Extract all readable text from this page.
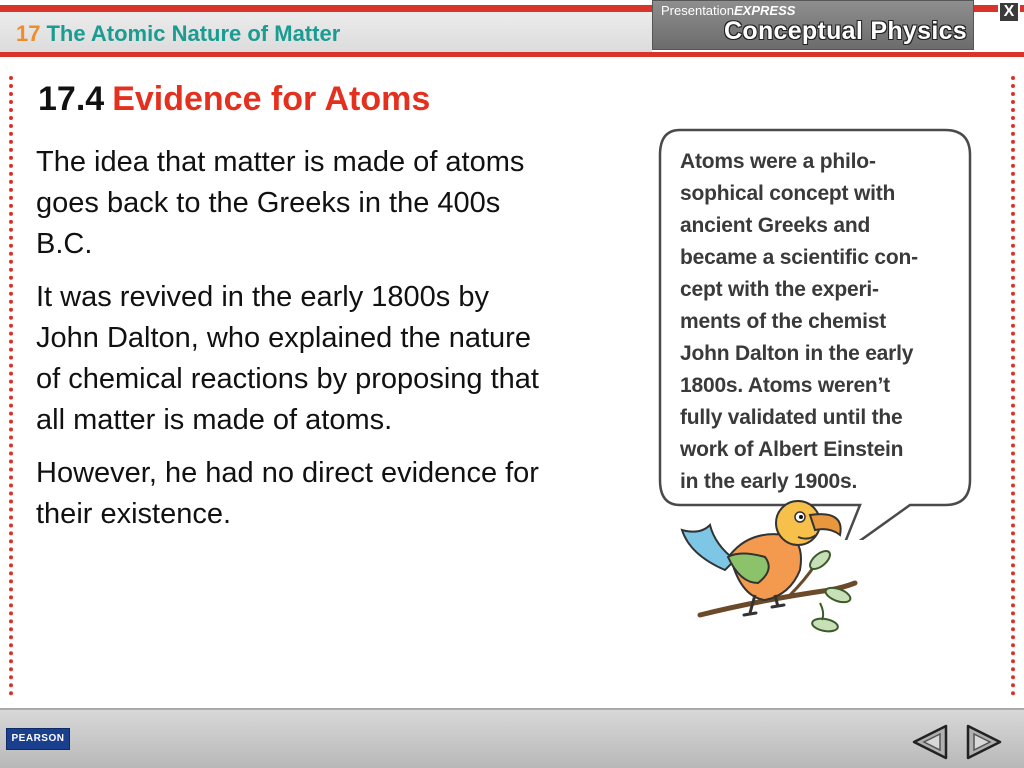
17 The Atomic Nature of Matter
PresentationEXPRESS
Conceptual Physics
X
17.4 Evidence for Atoms

The idea that matter is made of atoms goes back to the Greeks in the 400s B.C.

It was revived in the early 1800s by John Dalton, who explained the nature of chemical reactions by proposing that all matter is made of atoms.

However, he had no direct evidence for their existence.

Atoms were a philo-
sophical concept with
ancient Greeks and
became a scientific con-
cept with the experi-
ments of the chemist
John Dalton in the early
1800s. Atoms weren’t
fully validated until the
work of Albert Einstein
in the early 1900s.
PEARSON
